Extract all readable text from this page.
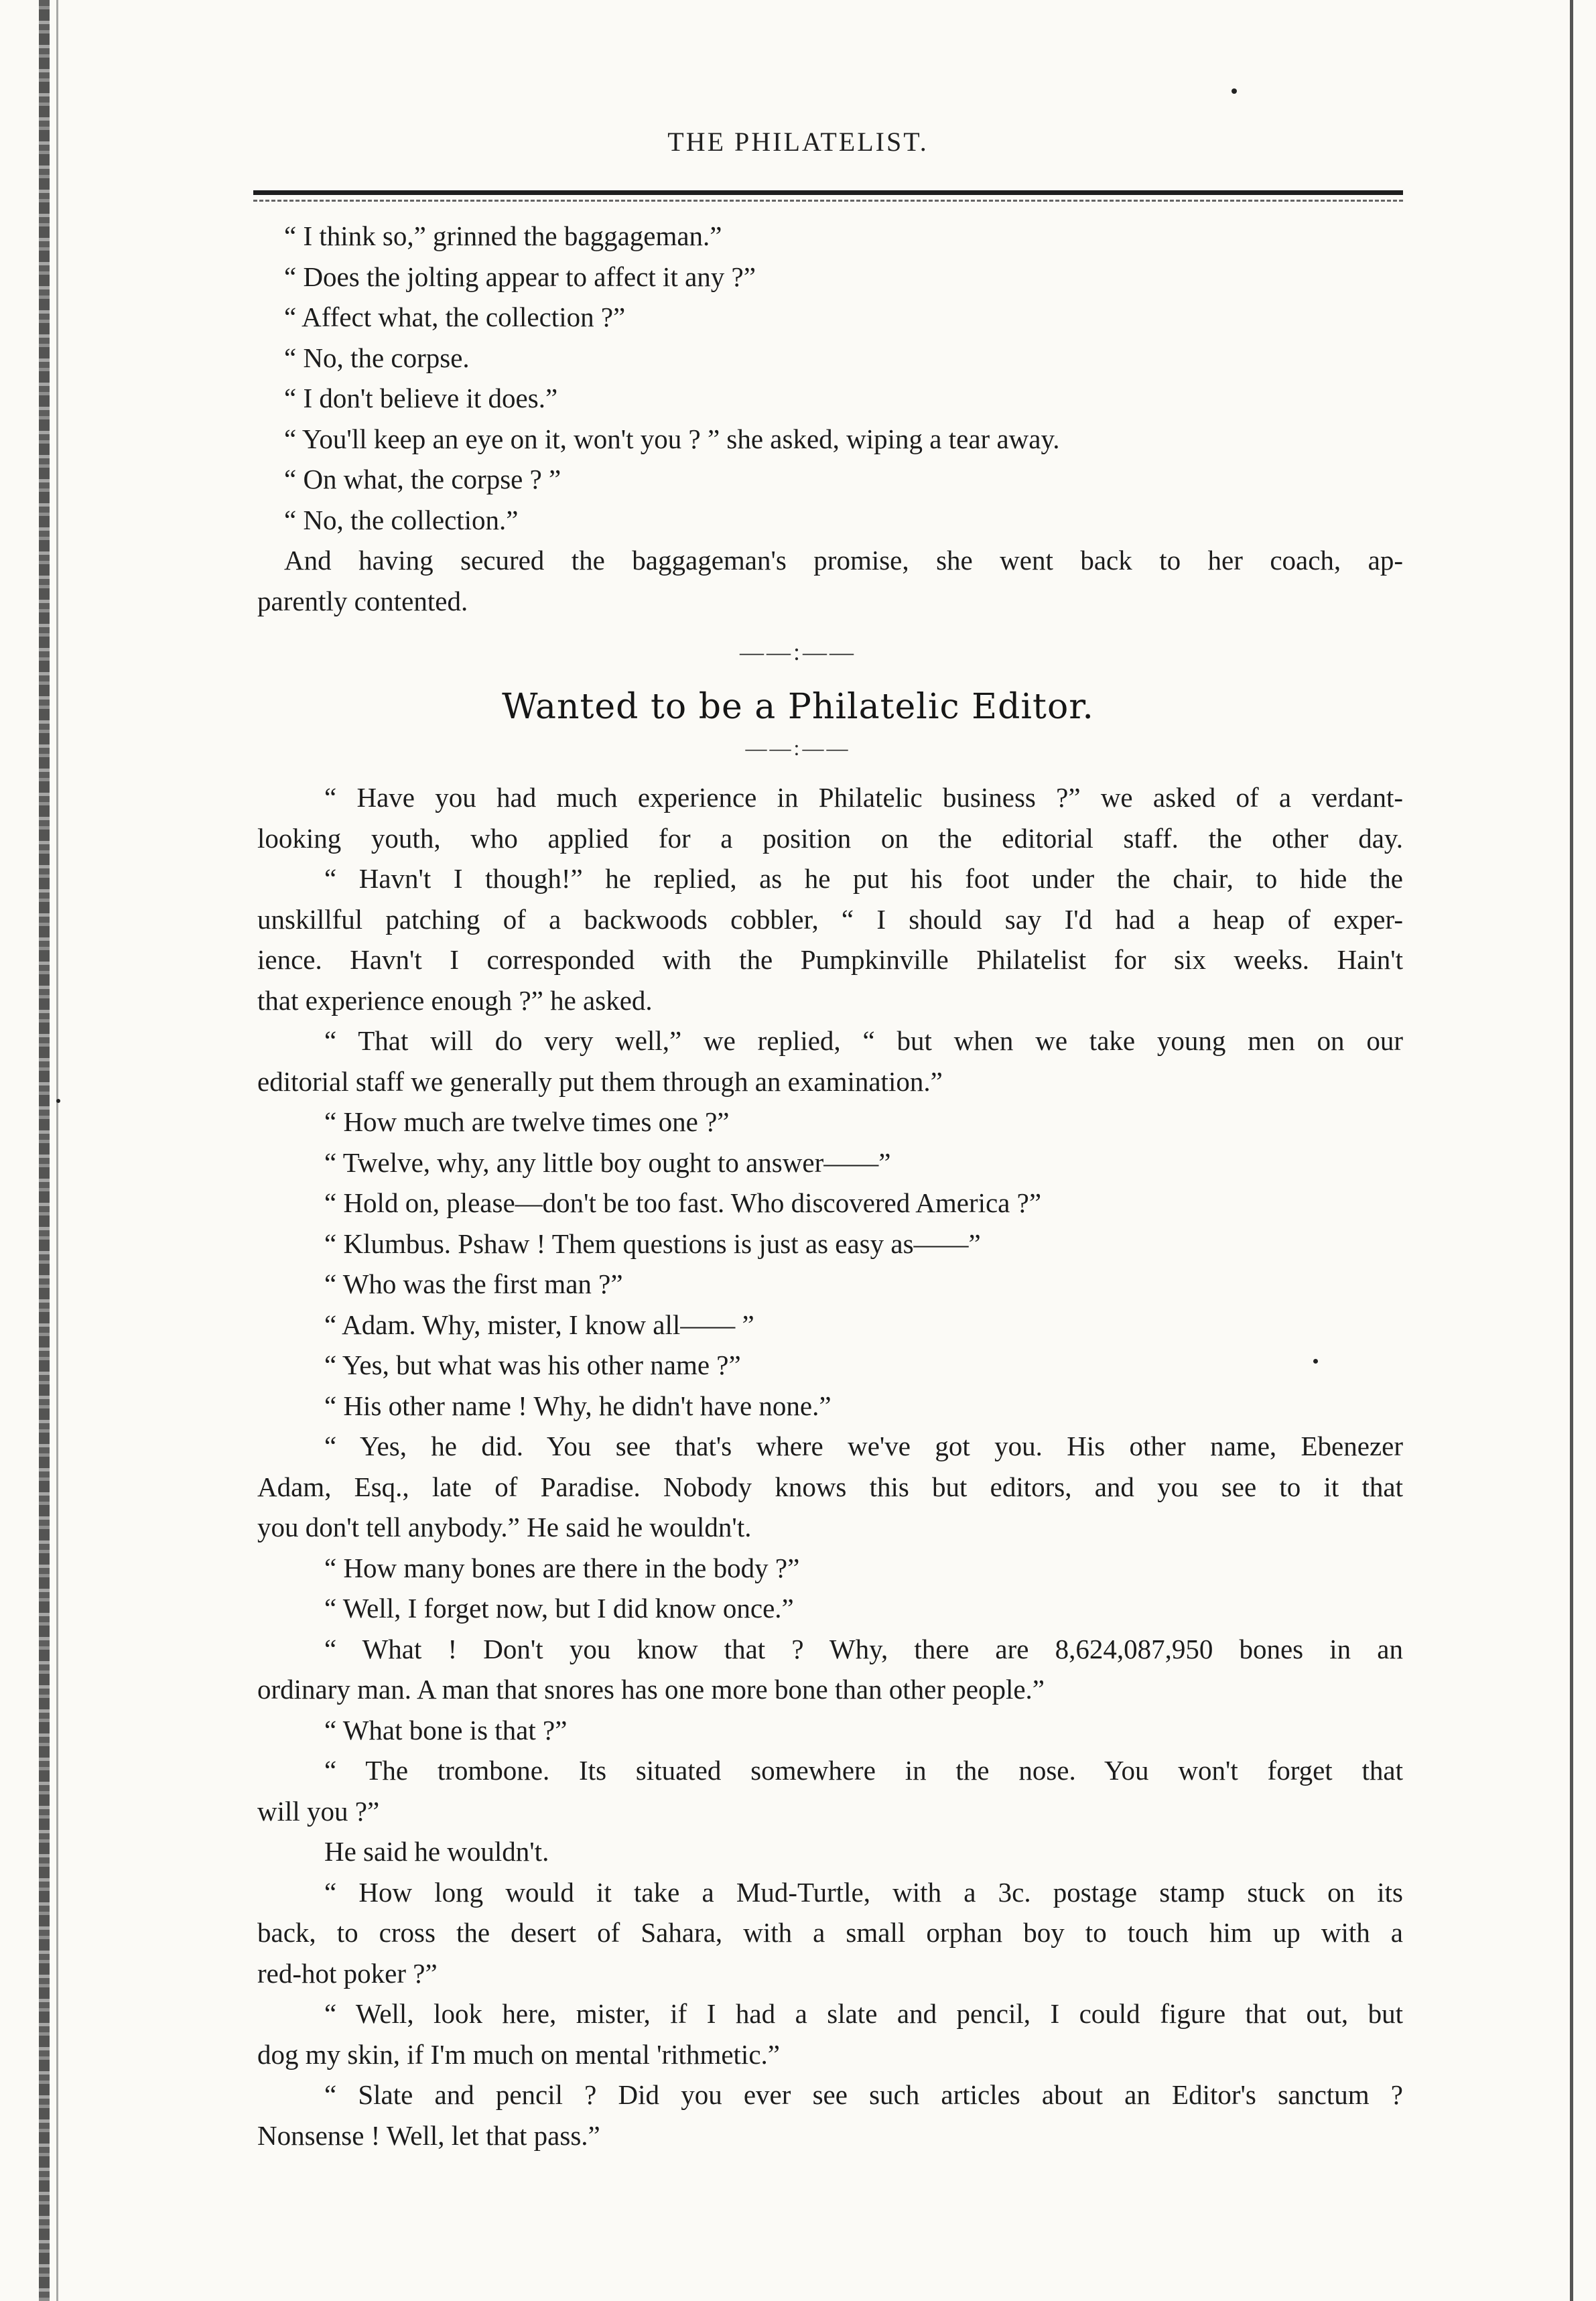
THE PHILATELIST.
“ I think so,” grinned the baggageman.”
“ Does the jolting appear to affect it any ?”
“ Affect what, the collection ?”
“ No, the corpse.
“ I don't believe it does.”
“ You'll keep an eye on it, won't you ? ” she asked, wiping a tear away.
“ On what, the corpse ? ”
“ No, the collection.”
And having secured the baggageman's promise, she went back to her coach, ap-
parently contented.
——:——
Wanted to be a Philatelic Editor.
——:——
“ Have you had much experience in Philatelic business ?” we asked of a verdant-
looking youth, who applied for a position on the editorial staff. the other day.
“ Havn't I though!” he replied, as he put his foot under the chair, to hide the
unskillful patching of a backwoods cobbler, “ I should say I'd had a heap of exper-
ience. Havn't I corresponded with the Pumpkinville Philatelist for six weeks. Hain't
that experience enough ?” he asked.
“ That will do very well,” we replied, “ but when we take young men on our
editorial staff we generally put them through an examination.”
“ How much are twelve times one ?”
“ Twelve, why, any little boy ought to answer——”
“ Hold on, please—don't be too fast. Who discovered America ?”
“ Klumbus. Pshaw ! Them questions is just as easy as——”
“ Who was the first man ?”
“ Adam. Why, mister, I know all—— ”
“ Yes, but what was his other name ?”
“ His other name ! Why, he didn't have none.”
“ Yes, he did. You see that's where we've got you. His other name, Ebenezer
Adam, Esq., late of Paradise. Nobody knows this but editors, and you see to it that
you don't tell anybody.” He said he wouldn't.
“ How many bones are there in the body ?”
“ Well, I forget now, but I did know once.”
“ What ! Don't you know that ? Why, there are 8,624,087,950 bones in an
ordinary man. A man that snores has one more bone than other people.”
“ What bone is that ?”
“ The trombone. Its situated somewhere in the nose. You won't forget that
will you ?”
He said he wouldn't.
“ How long would it take a Mud-Turtle, with a 3c. postage stamp stuck on its
back, to cross the desert of Sahara, with a small orphan boy to touch him up with a
red-hot poker ?”
“ Well, look here, mister, if I had a slate and pencil, I could figure that out, but
dog my skin, if I'm much on mental 'rithmetic.”
“ Slate and pencil ? Did you ever see such articles about an Editor's sanctum ?
Nonsense ! Well, let that pass.”
